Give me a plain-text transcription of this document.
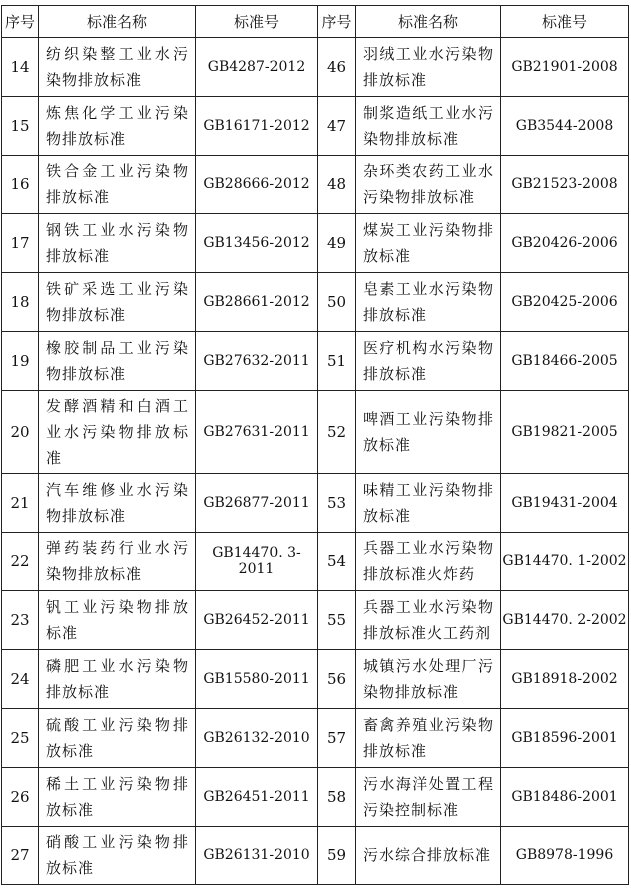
序号	标准名称	标准号	序号	标准名称	标准号
14	纺织染整工业水污染物排放标准	GB4287-2012	46	羽绒工业水污染物排放标准	GB21901-2008
15	炼焦化学工业污染物排放标准	GB16171-2012	47	制浆造纸工业水污染物排放标准	GB3544-2008
16	铁合金工业污染物排放标准	GB28666-2012	48	杂环类农药工业水污染物排放标准	GB21523-2008
17	钢铁工业水污染物排放标准	GB13456-2012	49	煤炭工业污染物排放标准	GB20426-2006
18	铁矿采选工业污染物排放标准	GB28661-2012	50	皂素工业水污染物排放标准	GB20425-2006
19	橡胶制品工业污染物排放标准	GB27632-2011	51	医疗机构水污染物排放标准	GB18466-2005
20	发酵酒精和白酒工业水污染物排放标准	GB27631-2011	52	啤酒工业污染物排放标准	GB19821-2005
21	汽车维修业水污染物排放标准	GB26877-2011	53	味精工业污染物排放标准	GB19431-2004
22	弹药装药行业水污染物排放标准	GB14470. 3-2011	54	兵器工业水污染物排放标准火炸药	GB14470. 1-2002
23	钒工业污染物排放标准	GB26452-2011	55	兵器工业水污染物排放标准火工药剂	GB14470. 2-2002
24	磷肥工业水污染物排放标准	GB15580-2011	56	城镇污水处理厂污染物排放标准	GB18918-2002
25	硫酸工业污染物排放标准	GB26132-2010	57	畜禽养殖业污染物排放标准	GB18596-2001
26	稀土工业污染物排放标准	GB26451-2011	58	污水海洋处置工程污染控制标准	GB18486-2001
27	硝酸工业污染物排放标准	GB26131-2010	59	污水综合排放标准	GB8978-1996
